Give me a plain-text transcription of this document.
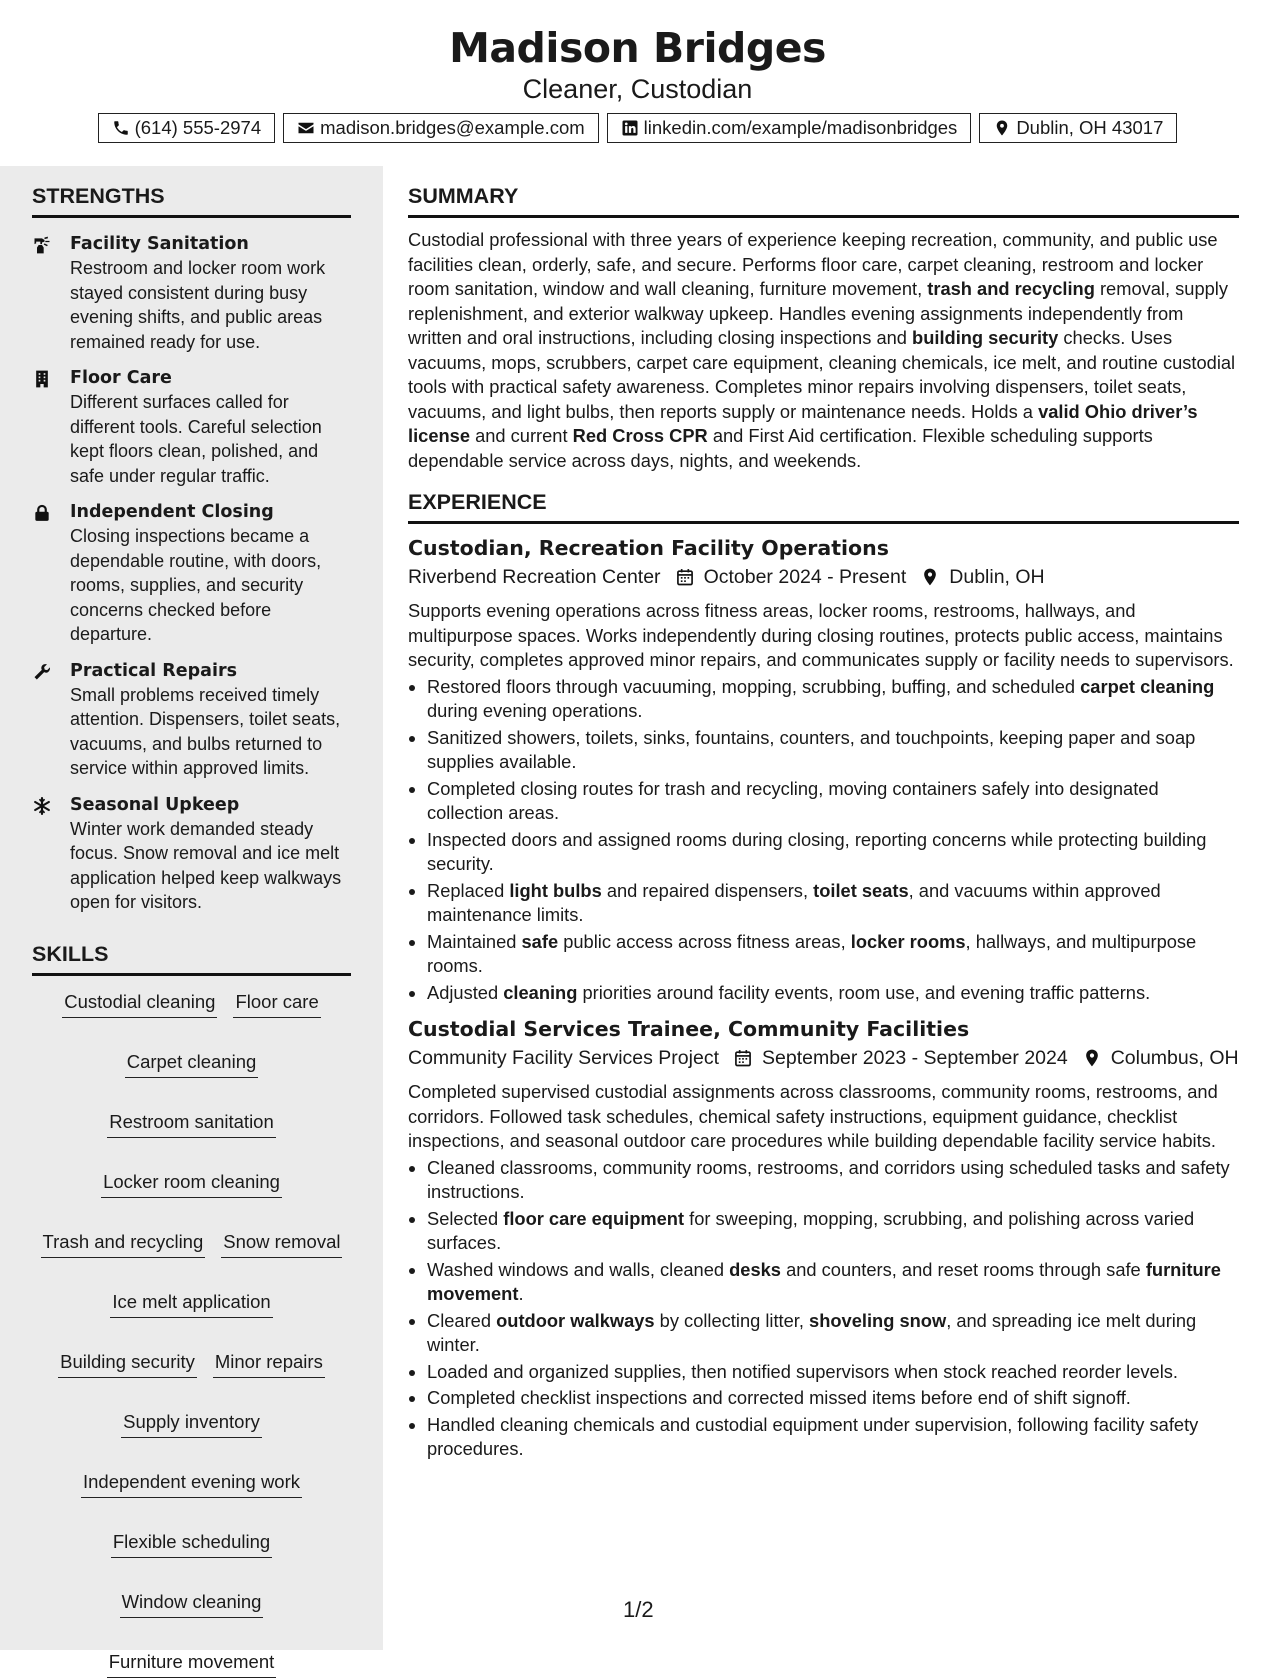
Madison Bridges
Cleaner, Custodian
(614) 555-2974	madison.bridges@example.com	linkedin.com/example/madisonbridges	Dublin, OH 43017
STRENGTHS
Facility Sanitation
Restroom and locker room work stayed consistent during busy evening shifts, and public areas remained ready for use.
Floor Care
Different surfaces called for different tools. Careful selection kept floors clean, polished, and safe under regular traffic.
Independent Closing
Closing inspections became a dependable routine, with doors, rooms, supplies, and security concerns checked before departure.
Practical Repairs
Small problems received timely attention. Dispensers, toilet seats, vacuums, and bulbs returned to service within approved limits.
Seasonal Upkeep
Winter work demanded steady focus. Snow removal and ice melt application helped keep walkways open for visitors.
SKILLS
Custodial cleaning Floor care
Carpet cleaning
Restroom sanitation
Locker room cleaning
Trash and recycling Snow removal
Ice melt application
Building security Minor repairs
Supply inventory
Independent evening work
Flexible scheduling
Window cleaning
Furniture movement
SUMMARY
Custodial professional with three years of experience keeping recreation, community, and public use facilities clean, orderly, safe, and secure. Performs floor care, carpet cleaning, restroom and locker room sanitation, window and wall cleaning, furniture movement, trash and recycling removal, supply replenishment, and exterior walkway upkeep. Handles evening assignments independently from written and oral instructions, including closing inspections and building security checks. Uses vacuums, mops, scrubbers, carpet care equipment, cleaning chemicals, ice melt, and routine custodial tools with practical safety awareness. Completes minor repairs involving dispensers, toilet seats, vacuums, and light bulbs, then reports supply or maintenance needs. Holds a valid Ohio driver’s license and current Red Cross CPR and First Aid certification. Flexible scheduling supports dependable service across days, nights, and weekends.
EXPERIENCE
Custodian, Recreation Facility Operations
Riverbend Recreation Center October 2024 - Present Dublin, OH
Supports evening operations across fitness areas, locker rooms, restrooms, hallways, and multipurpose spaces. Works independently during closing routines, protects public access, maintains security, completes approved minor repairs, and communicates supply or facility needs to supervisors.
• Restored floors through vacuuming, mopping, scrubbing, buffing, and scheduled carpet cleaning during evening operations.
• Sanitized showers, toilets, sinks, fountains, counters, and touchpoints, keeping paper and soap supplies available.
• Completed closing routes for trash and recycling, moving containers safely into designated collection areas.
• Inspected doors and assigned rooms during closing, reporting concerns while protecting building security.
• Replaced light bulbs and repaired dispensers, toilet seats, and vacuums within approved maintenance limits.
• Maintained safe public access across fitness areas, locker rooms, hallways, and multipurpose rooms.
• Adjusted cleaning priorities around facility events, room use, and evening traffic patterns.
Custodial Services Trainee, Community Facilities
Community Facility Services Project September 2023 - September 2024 Columbus, OH
Completed supervised custodial assignments across classrooms, community rooms, restrooms, and corridors. Followed task schedules, chemical safety instructions, equipment guidance, checklist inspections, and seasonal outdoor care procedures while building dependable facility service habits.
• Cleaned classrooms, community rooms, restrooms, and corridors using scheduled tasks and safety instructions.
• Selected floor care equipment for sweeping, mopping, scrubbing, and polishing across varied surfaces.
• Washed windows and walls, cleaned desks and counters, and reset rooms through safe furniture movement.
• Cleared outdoor walkways by collecting litter, shoveling snow, and spreading ice melt during winter.
• Loaded and organized supplies, then notified supervisors when stock reached reorder levels.
• Completed checklist inspections and corrected missed items before end of shift signoff.
• Handled cleaning chemicals and custodial equipment under supervision, following facility safety procedures.
1/2
